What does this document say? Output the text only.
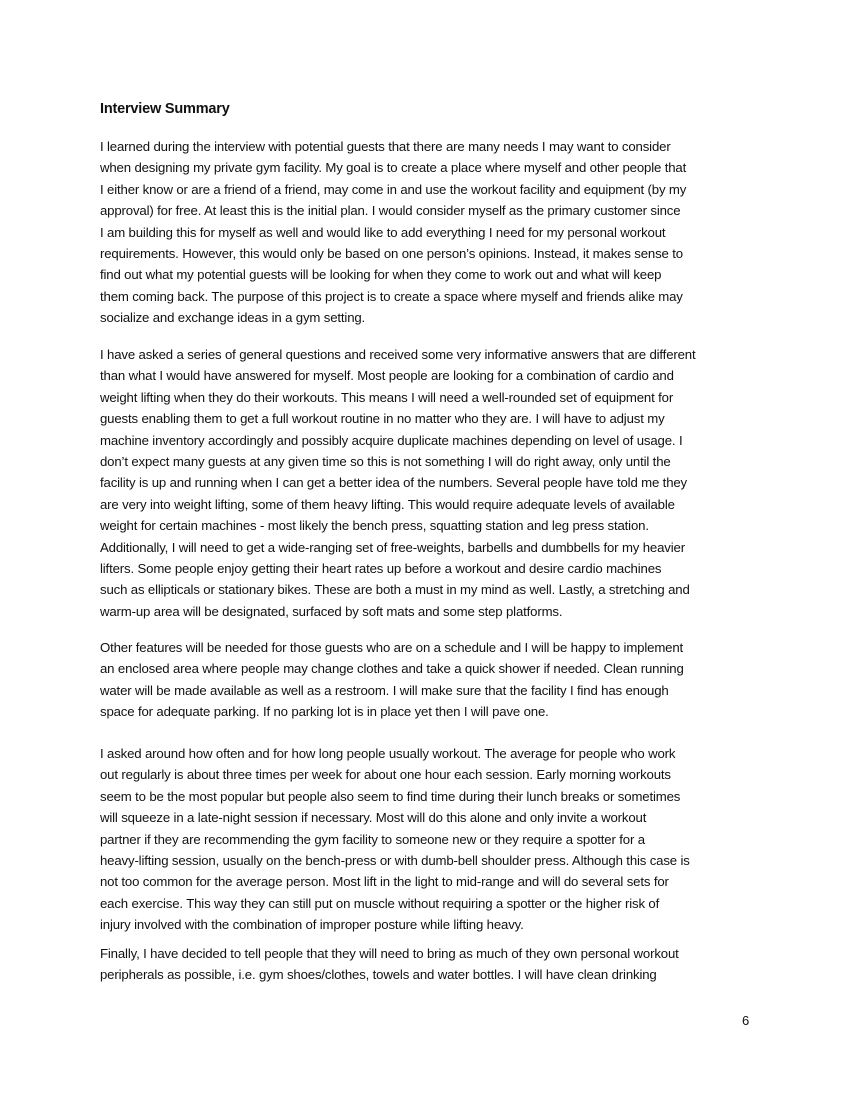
Interview Summary
I learned during the interview with potential guests that there are many needs I may want to consider
when designing my private gym facility. My goal is to create a place where myself and other people that
I either know or are a friend of a friend, may come in and use the workout facility and equipment (by my
approval) for free. At least this is the initial plan. I would consider myself as the primary customer since
I am building this for myself as well and would like to add everything I need for my personal workout
requirements. However, this would only be based on one person’s opinions. Instead, it makes sense to
find out what my potential guests will be looking for when they come to work out and what will keep
them coming back. The purpose of this project is to create a space where myself and friends alike may
socialize and exchange ideas in a gym setting.
I have asked a series of general questions and received some very informative answers that are different
than what I would have answered for myself. Most people are looking for a combination of cardio and
weight lifting when they do their workouts. This means I will need a well-rounded set of equipment for
guests enabling them to get a full workout routine in no matter who they are. I will have to adjust my
machine inventory accordingly and possibly acquire duplicate machines depending on level of usage. I
don’t expect many guests at any given time so this is not something I will do right away, only until the
facility is up and running when I can get a better idea of the numbers. Several people have told me they
are very into weight lifting, some of them heavy lifting. This would require adequate levels of available
weight for certain machines - most likely the bench press, squatting station and leg press station.
Additionally, I will need to get a wide-ranging set of free-weights, barbells and dumbbells for my heavier
lifters. Some people enjoy getting their heart rates up before a workout and desire cardio machines
such as ellipticals or stationary bikes. These are both a must in my mind as well. Lastly, a stretching and
warm-up area will be designated, surfaced by soft mats and some step platforms.
Other features will be needed for those guests who are on a schedule and I will be happy to implement
an enclosed area where people may change clothes and take a quick shower if needed. Clean running
water will be made available as well as a restroom. I will make sure that the facility I find has enough
space for adequate parking. If no parking lot is in place yet then I will pave one.
I asked around how often and for how long people usually workout. The average for people who work
out regularly is about three times per week for about one hour each session. Early morning workouts
seem to be the most popular but people also seem to find time during their lunch breaks or sometimes
will squeeze in a late-night session if necessary. Most will do this alone and only invite a workout
partner if they are recommending the gym facility to someone new or they require a spotter for a
heavy-lifting session, usually on the bench-press or with dumb-bell shoulder press. Although this case is
not too common for the average person. Most lift in the light to mid-range and will do several sets for
each exercise. This way they can still put on muscle without requiring a spotter or the higher risk of
injury involved with the combination of improper posture while lifting heavy.
Finally, I have decided to tell people that they will need to bring as much of they own personal workout
peripherals as possible, i.e. gym shoes/clothes, towels and water bottles. I will have clean drinking
6
